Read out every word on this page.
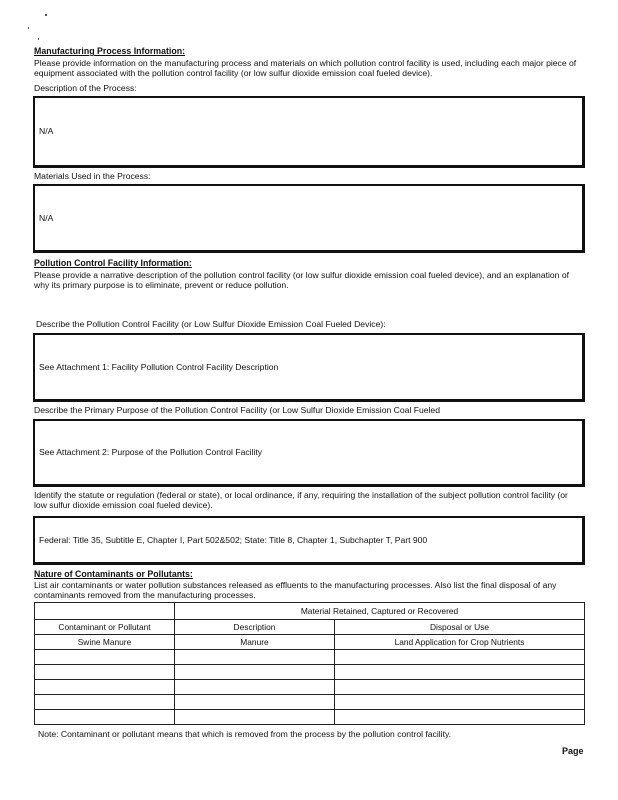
Manufacturing Process Information:
Please provide information on the manufacturing process and materials on which pollution control facility is used, including each major piece of equipment associated with the pollution control facility (or low sulfur dioxide emission coal fueled device).
Description of the Process:
N/A
Materials Used in the Process:
N/A
Pollution Control Facility Information:
Please provide a narrative description of the pollution control facility (or low sulfur dioxide emission coal fueled device), and an explanation of why its primary purpose is to eliminate, prevent or reduce pollution.
Describe the Pollution Control Facility (or Low Sulfur Dioxide Emission Coal Fueled Device):
See Attachment 1: Facility Pollution Control Facility Description
Describe the Primary Purpose of the Pollution Control Facility (or Low Sulfur Dioxide Emission Coal Fueled
See Attachment 2: Purpose of the Pollution Control Facility
Identify the statute or regulation (federal or state), or local ordinance, if any, requiring the installation of the subject pollution control facility (or low sulfur dioxide emission coal fueled device).
Federal: Title 35, Subtitle E, Chapter I, Part 502&502; State: Title 8, Chapter 1, Subchapter T, Part 900
Nature of Contaminants or Pollutants:
List air contaminants or water pollution substances released as effluents to the manufacturing processes. Also list the final disposal of any contaminants removed from the manufacturing processes.
	Material Retained, Captured or Recovered	
Contaminant or Pollutant	Description	Disposal or Use
Swine Manure	Manure	Land Application for Crop Nutrients

Note: Contaminant or pollutant means that which is removed from the process by the pollution control facility.
Page
